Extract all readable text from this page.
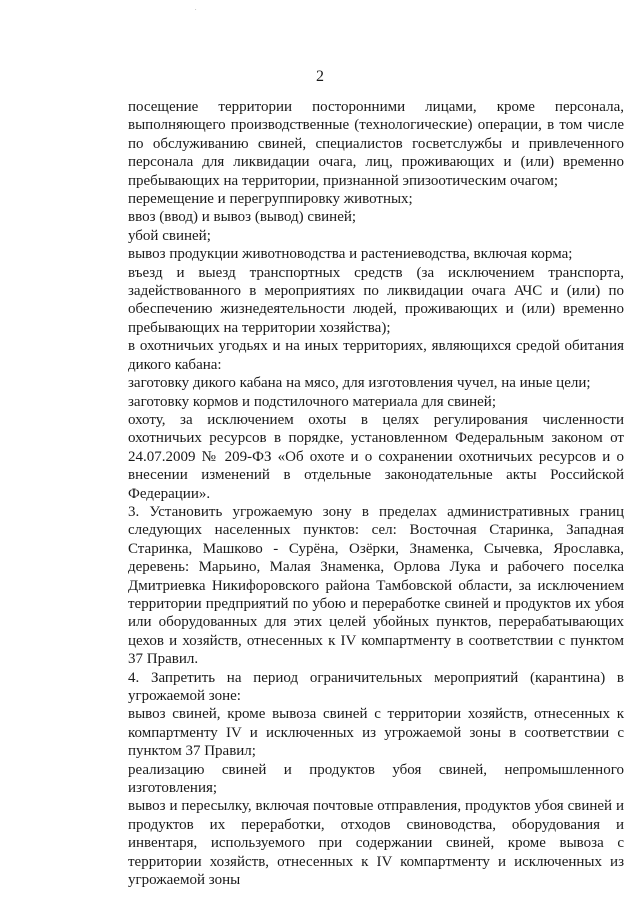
.
2

посещение территории посторонними лицами, кроме персонала, выполняющего производственные (технологические) операции, в том числе по обслуживанию свиней, специалистов госветслужбы и привлеченного персонала для ликвидации очага, лиц, проживающих и (или) временно пребывающих на территории, признанной эпизоотическим очагом;

перемещение и перегруппировку животных;

ввоз (ввод) и вывоз (вывод) свиней;

убой свиней;

вывоз продукции животноводства и растениеводства, включая корма;

въезд и выезд транспортных средств (за исключением транспорта, задействованного в мероприятиях по ликвидации очага АЧС и (или) по обеспечению жизнедеятельности людей, проживающих и (или) временно пребывающих на территории хозяйства);

в охотничьих угодьях и на иных территориях, являющихся средой обитания дикого кабана:

заготовку дикого кабана на мясо, для изготовления чучел, на иные цели;

заготовку кормов и подстилочного материала для свиней;

охоту, за исключением охоты в целях регулирования численности охотничьих ресурсов в порядке, установленном Федеральным законом от 24.07.2009 № 209-ФЗ «Об охоте и о сохранении охотничьих ресурсов и о внесении изменений в отдельные законодательные акты Российской Федерации».

3. Установить угрожаемую зону в пределах административных границ следующих населенных пунктов: сел: Восточная Старинка, Западная Старинка, Машково - Сурёна, Озёрки, Знаменка, Сычевка, Ярославка, деревень: Марьино, Малая Знаменка, Орлова Лука и рабочего поселка Дмитриевка Никифоровского района Тамбовской области, за исключением территории предприятий по убою и переработке свиней и продуктов их убоя или оборудованных для этих целей убойных пунктов, перерабатывающих цехов и хозяйств, отнесенных к IV компартменту в соответствии с пунктом 37 Правил.

4. Запретить на период ограничительных мероприятий (карантина) в угрожаемой зоне:

вывоз свиней, кроме вывоза свиней с территории хозяйств, отнесенных к компартменту IV и исключенных из угрожаемой зоны в соответствии с пунктом 37 Правил;

реализацию свиней и продуктов убоя свиней, непромышленного изготовления;

вывоз и пересылку, включая почтовые отправления, продуктов убоя свиней и продуктов их переработки, отходов свиноводства, оборудования и инвентаря, используемого при содержании свиней, кроме вывоза с территории хозяйств, отнесенных к IV компартменту и исключенных из угрожаемой зоны
